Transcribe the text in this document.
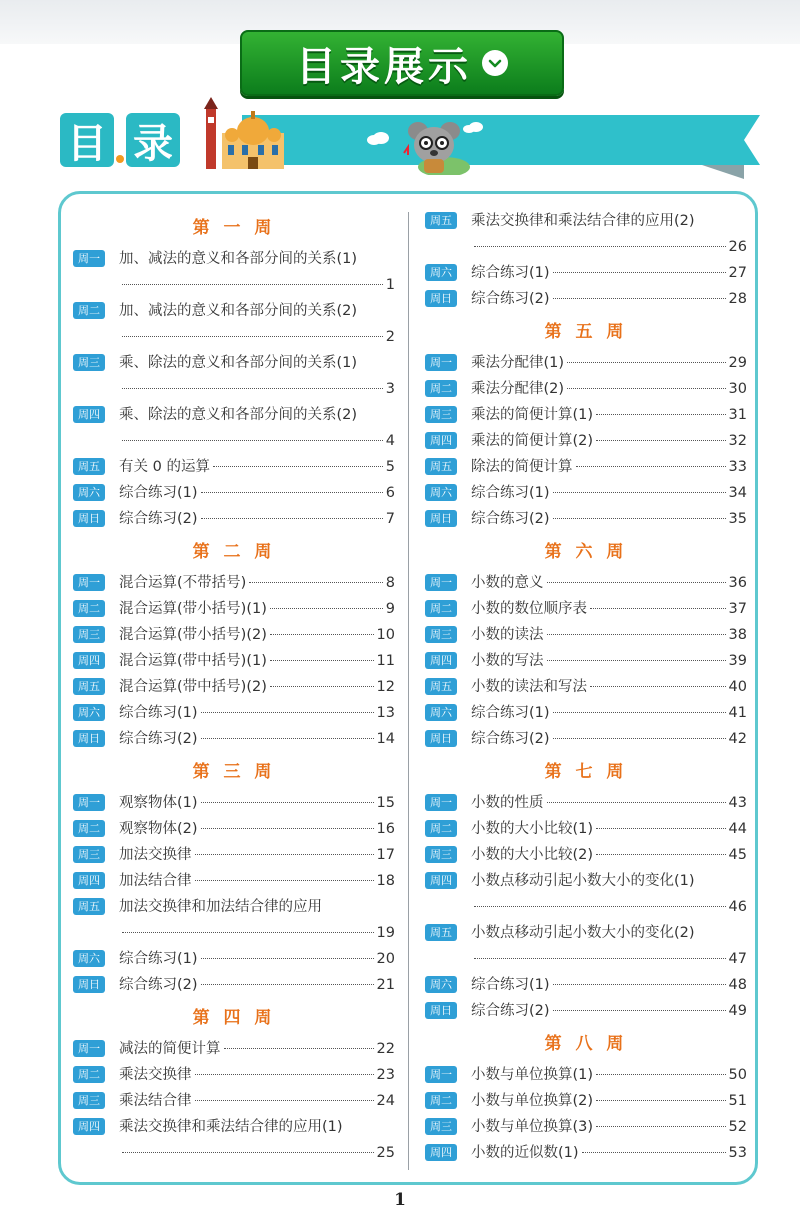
目录展示
目 录
第 一 周
周一	加、减法的意义和各部分间的关系(1)
1
周二	加、减法的意义和各部分间的关系(2)
2
周三	乘、除法的意义和各部分间的关系(1)
3
周四	乘、除法的意义和各部分间的关系(2)
4
周五	有关 0 的运算	5
周六	综合练习(1)	6
周日	综合练习(2)	7
第 二 周
周一	混合运算(不带括号)	8
周二	混合运算(带小括号)(1)	9
周三	混合运算(带小括号)(2)	10
周四	混合运算(带中括号)(1)	11
周五	混合运算(带中括号)(2)	12
周六	综合练习(1)	13
周日	综合练习(2)	14
第 三 周
周一	观察物体(1)	15
周二	观察物体(2)	16
周三	加法交换律	17
周四	加法结合律	18
周五	加法交换律和加法结合律的应用
19
周六	综合练习(1)	20
周日	综合练习(2)	21
第 四 周
周一	减法的简便计算	22
周二	乘法交换律	23
周三	乘法结合律	24
周四	乘法交换律和乘法结合律的应用(1)
25
周五	乘法交换律和乘法结合律的应用(2)
26
周六	综合练习(1)	27
周日	综合练习(2)	28
第 五 周
周一	乘法分配律(1)	29
周二	乘法分配律(2)	30
周三	乘法的简便计算(1)	31
周四	乘法的简便计算(2)	32
周五	除法的简便计算	33
周六	综合练习(1)	34
周日	综合练习(2)	35
第 六 周
周一	小数的意义	36
周二	小数的数位顺序表	37
周三	小数的读法	38
周四	小数的写法	39
周五	小数的读法和写法	40
周六	综合练习(1)	41
周日	综合练习(2)	42
第 七 周
周一	小数的性质	43
周二	小数的大小比较(1)	44
周三	小数的大小比较(2)	45
周四	小数点移动引起小数大小的变化(1)
46
周五	小数点移动引起小数大小的变化(2)
47
周六	综合练习(1)	48
周日	综合练习(2)	49
第 八 周
周一	小数与单位换算(1)	50
周二	小数与单位换算(2)	51
周三	小数与单位换算(3)	52
周四	小数的近似数(1)	53
1
